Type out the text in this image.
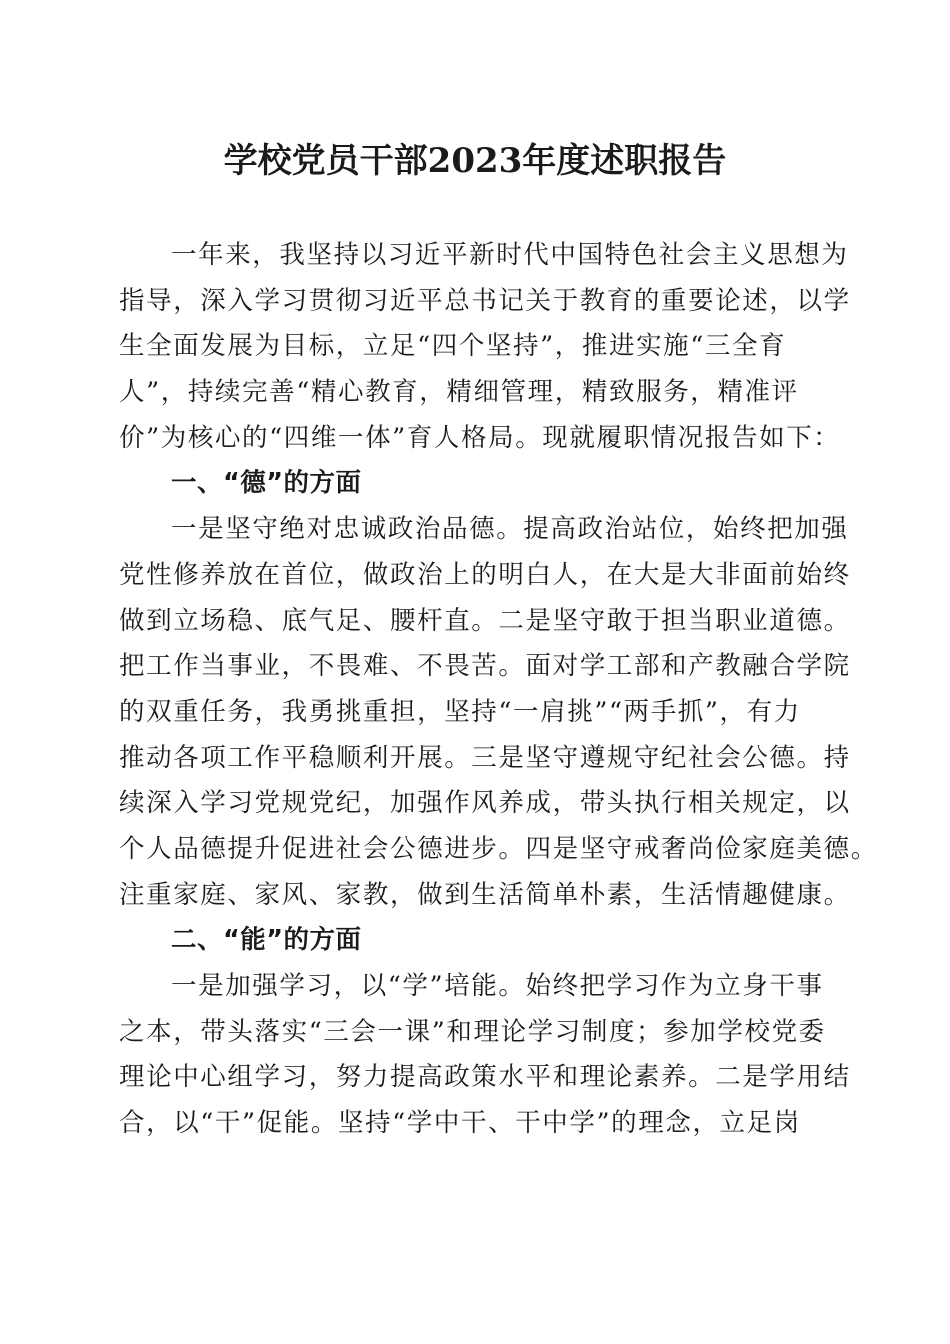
学校党员干部2023年度述职报告
一年来，我坚持以习近平新时代中国特色社会主义思想为
指导，深入学习贯彻习近平总书记关于教育的重要论述，以学
生全面发展为目标，立足“四个坚持”，推进实施“三全育
人”，持续完善“精心教育，精细管理，精致服务，精准评
价”为核心的“四维一体”育人格局。现就履职情况报告如下：
一、“德”的方面
一是坚守绝对忠诚政治品德。提高政治站位，始终把加强
党性修养放在首位，做政治上的明白人，在大是大非面前始终
做到立场稳、底气足、腰杆直。二是坚守敢于担当职业道德。
把工作当事业，不畏难、不畏苦。面对学工部和产教融合学院
的双重任务，我勇挑重担，坚持“一肩挑”“两手抓”，有力
推动各项工作平稳顺利开展。三是坚守遵规守纪社会公德。持
续深入学习党规党纪，加强作风养成，带头执行相关规定，以
个人品德提升促进社会公德进步。四是坚守戒奢尚俭家庭美德。
注重家庭、家风、家教，做到生活简单朴素，生活情趣健康。
二、“能”的方面
一是加强学习，以“学”培能。始终把学习作为立身干事
之本，带头落实“三会一课”和理论学习制度；参加学校党委
理论中心组学习，努力提高政策水平和理论素养。二是学用结
合，以“干”促能。坚持“学中干、干中学”的理念，立足岗
